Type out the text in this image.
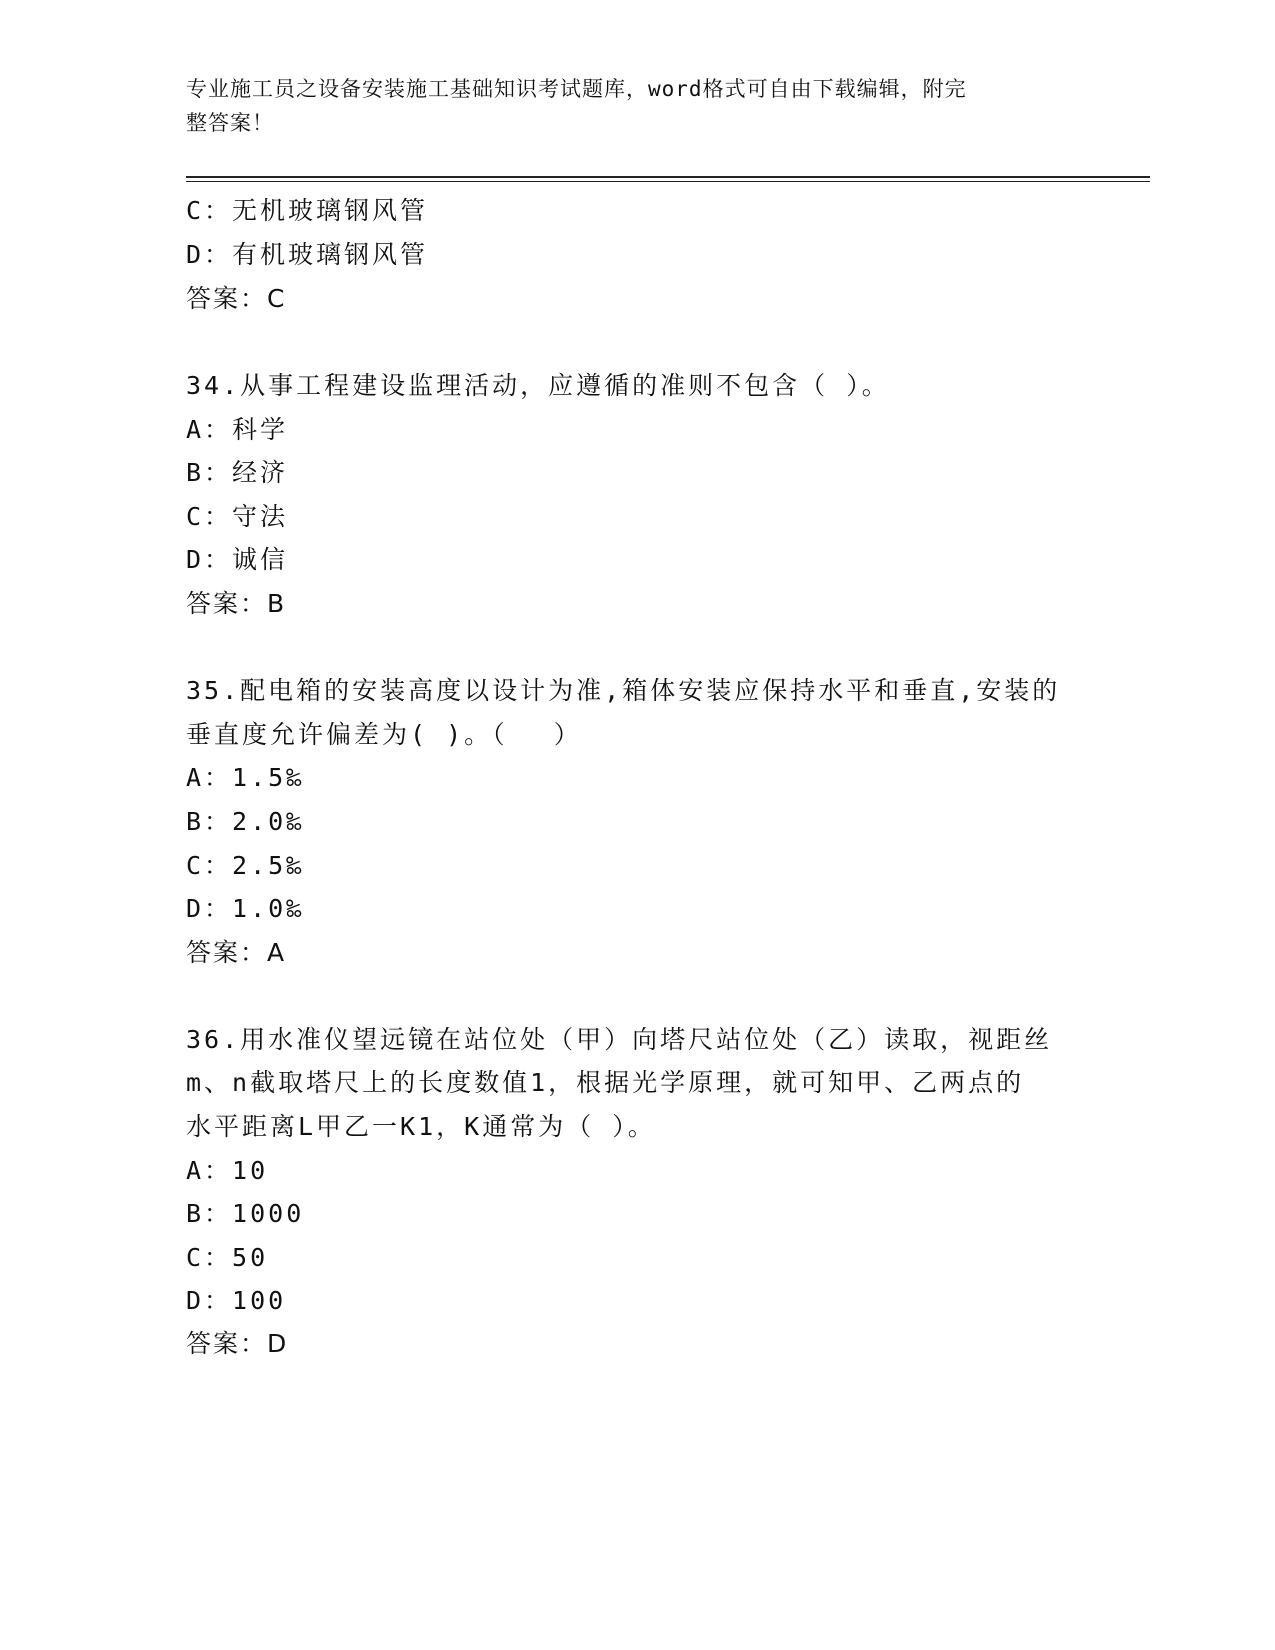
专业施工员之设备安装施工基础知识考试题库，word格式可自由下载编辑，附完
整答案！
C：无机玻璃钢风管
D：有机玻璃钢风管
答案：C
34.从事工程建设监理活动，应遵循的准则不包含（ ）。
A：科学
B：经济
C：守法
D：诚信
答案：B
35.配电箱的安装高度以设计为准,箱体安装应保持水平和垂直,安装的
垂直度允许偏差为( )。（　 ）
A：1.5‰
B：2.0‰
C：2.5‰
D：1.0‰
答案：A
36.用水准仪望远镜在站位处（甲）向塔尺站位处（乙）读取，视距丝
m、n截取塔尺上的长度数值1，根据光学原理，就可知甲、乙两点的
水平距离L甲乙一K1，K通常为（ ）。
A：10
B：1000
C：50
D：100
答案：D
